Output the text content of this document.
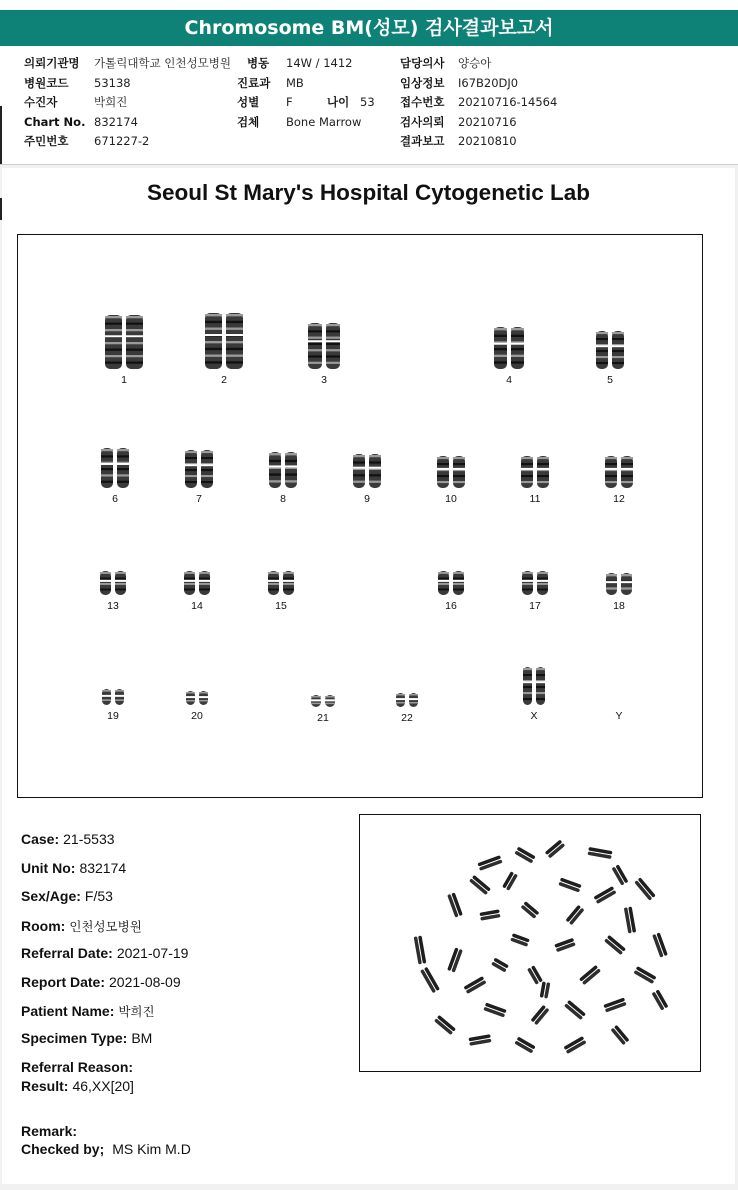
Chromosome BM(성모) 검사결과보고서
의뢰기관명 가톨릭대학교 인천성모병원 병동 14W / 1412	담당의사 양승아
병원코드 53138	진료과 MB	임상정보 I67B20DJ0
수진자	박희진	성별 F	나이 53 접수번호 20210716-14564
Chart No. 832174	검체 Bone Marrow	검사의뢰 20210716
주민번호 671227-2	결과보고 20210810
Seoul St Mary's Hospital Cytogenetic Lab
1	2	3	4	5
6	7	8	9	10	11	12
13	14	15	16	17	18
19	20	21	22	X	Y
Case: 21-5533
Unit No: 832174
Sex/Age: F/53
Room: 인천성모병원
Referral Date: 2021-07-19
Report Date: 2021-08-09
Patient Name: 박희진
Specimen Type: BM
Referral Reason:
Result: 46,XX[20]
Remark:
Checked by; MS Kim M.D
